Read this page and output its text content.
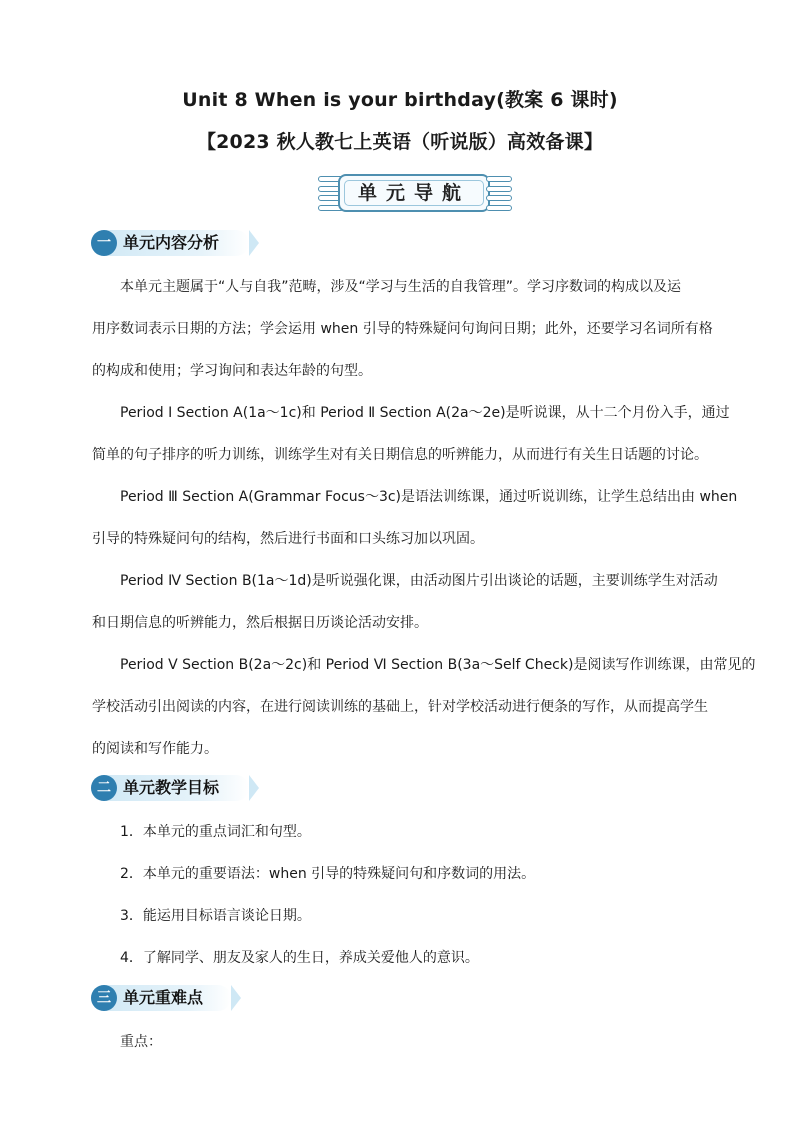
Unit 8 When is your birthday(教案 6 课时)
【2023 秋人教七上英语（听说版）高效备课】
单元导航
一 单元内容分析
本单元主题属于“人与自我”范畴，涉及“学习与生活的自我管理”。学习序数词的构成以及运
用序数词表示日期的方法；学会运用 when 引导的特殊疑问句询问日期；此外，还要学习名词所有格
的构成和使用；学习询问和表达年龄的句型。
Period Ⅰ Section A(1a～1c)和 Period Ⅱ Section A(2a～2e)是听说课，从十二个月份入手，通过
简单的句子排序的听力训练，训练学生对有关日期信息的听辨能力，从而进行有关生日话题的讨论。
Period Ⅲ Section A(Grammar Focus～3c)是语法训练课，通过听说训练，让学生总结出由 when
引导的特殊疑问句的结构，然后进行书面和口头练习加以巩固。
Period Ⅳ Section B(1a～1d)是听说强化课，由活动图片引出谈论的话题，主要训练学生对活动
和日期信息的听辨能力，然后根据日历谈论活动安排。
Period Ⅴ Section B(2a～2c)和 Period Ⅵ Section B(3a～Self Check)是阅读写作训练课，由常见的
学校活动引出阅读的内容，在进行阅读训练的基础上，针对学校活动进行便条的写作，从而提高学生
的阅读和写作能力。
二 单元教学目标
1．本单元的重点词汇和句型。
2．本单元的重要语法：when 引导的特殊疑问句和序数词的用法。
3．能运用目标语言谈论日期。
4．了解同学、朋友及家人的生日，养成关爱他人的意识。
三 单元重难点
重点：
